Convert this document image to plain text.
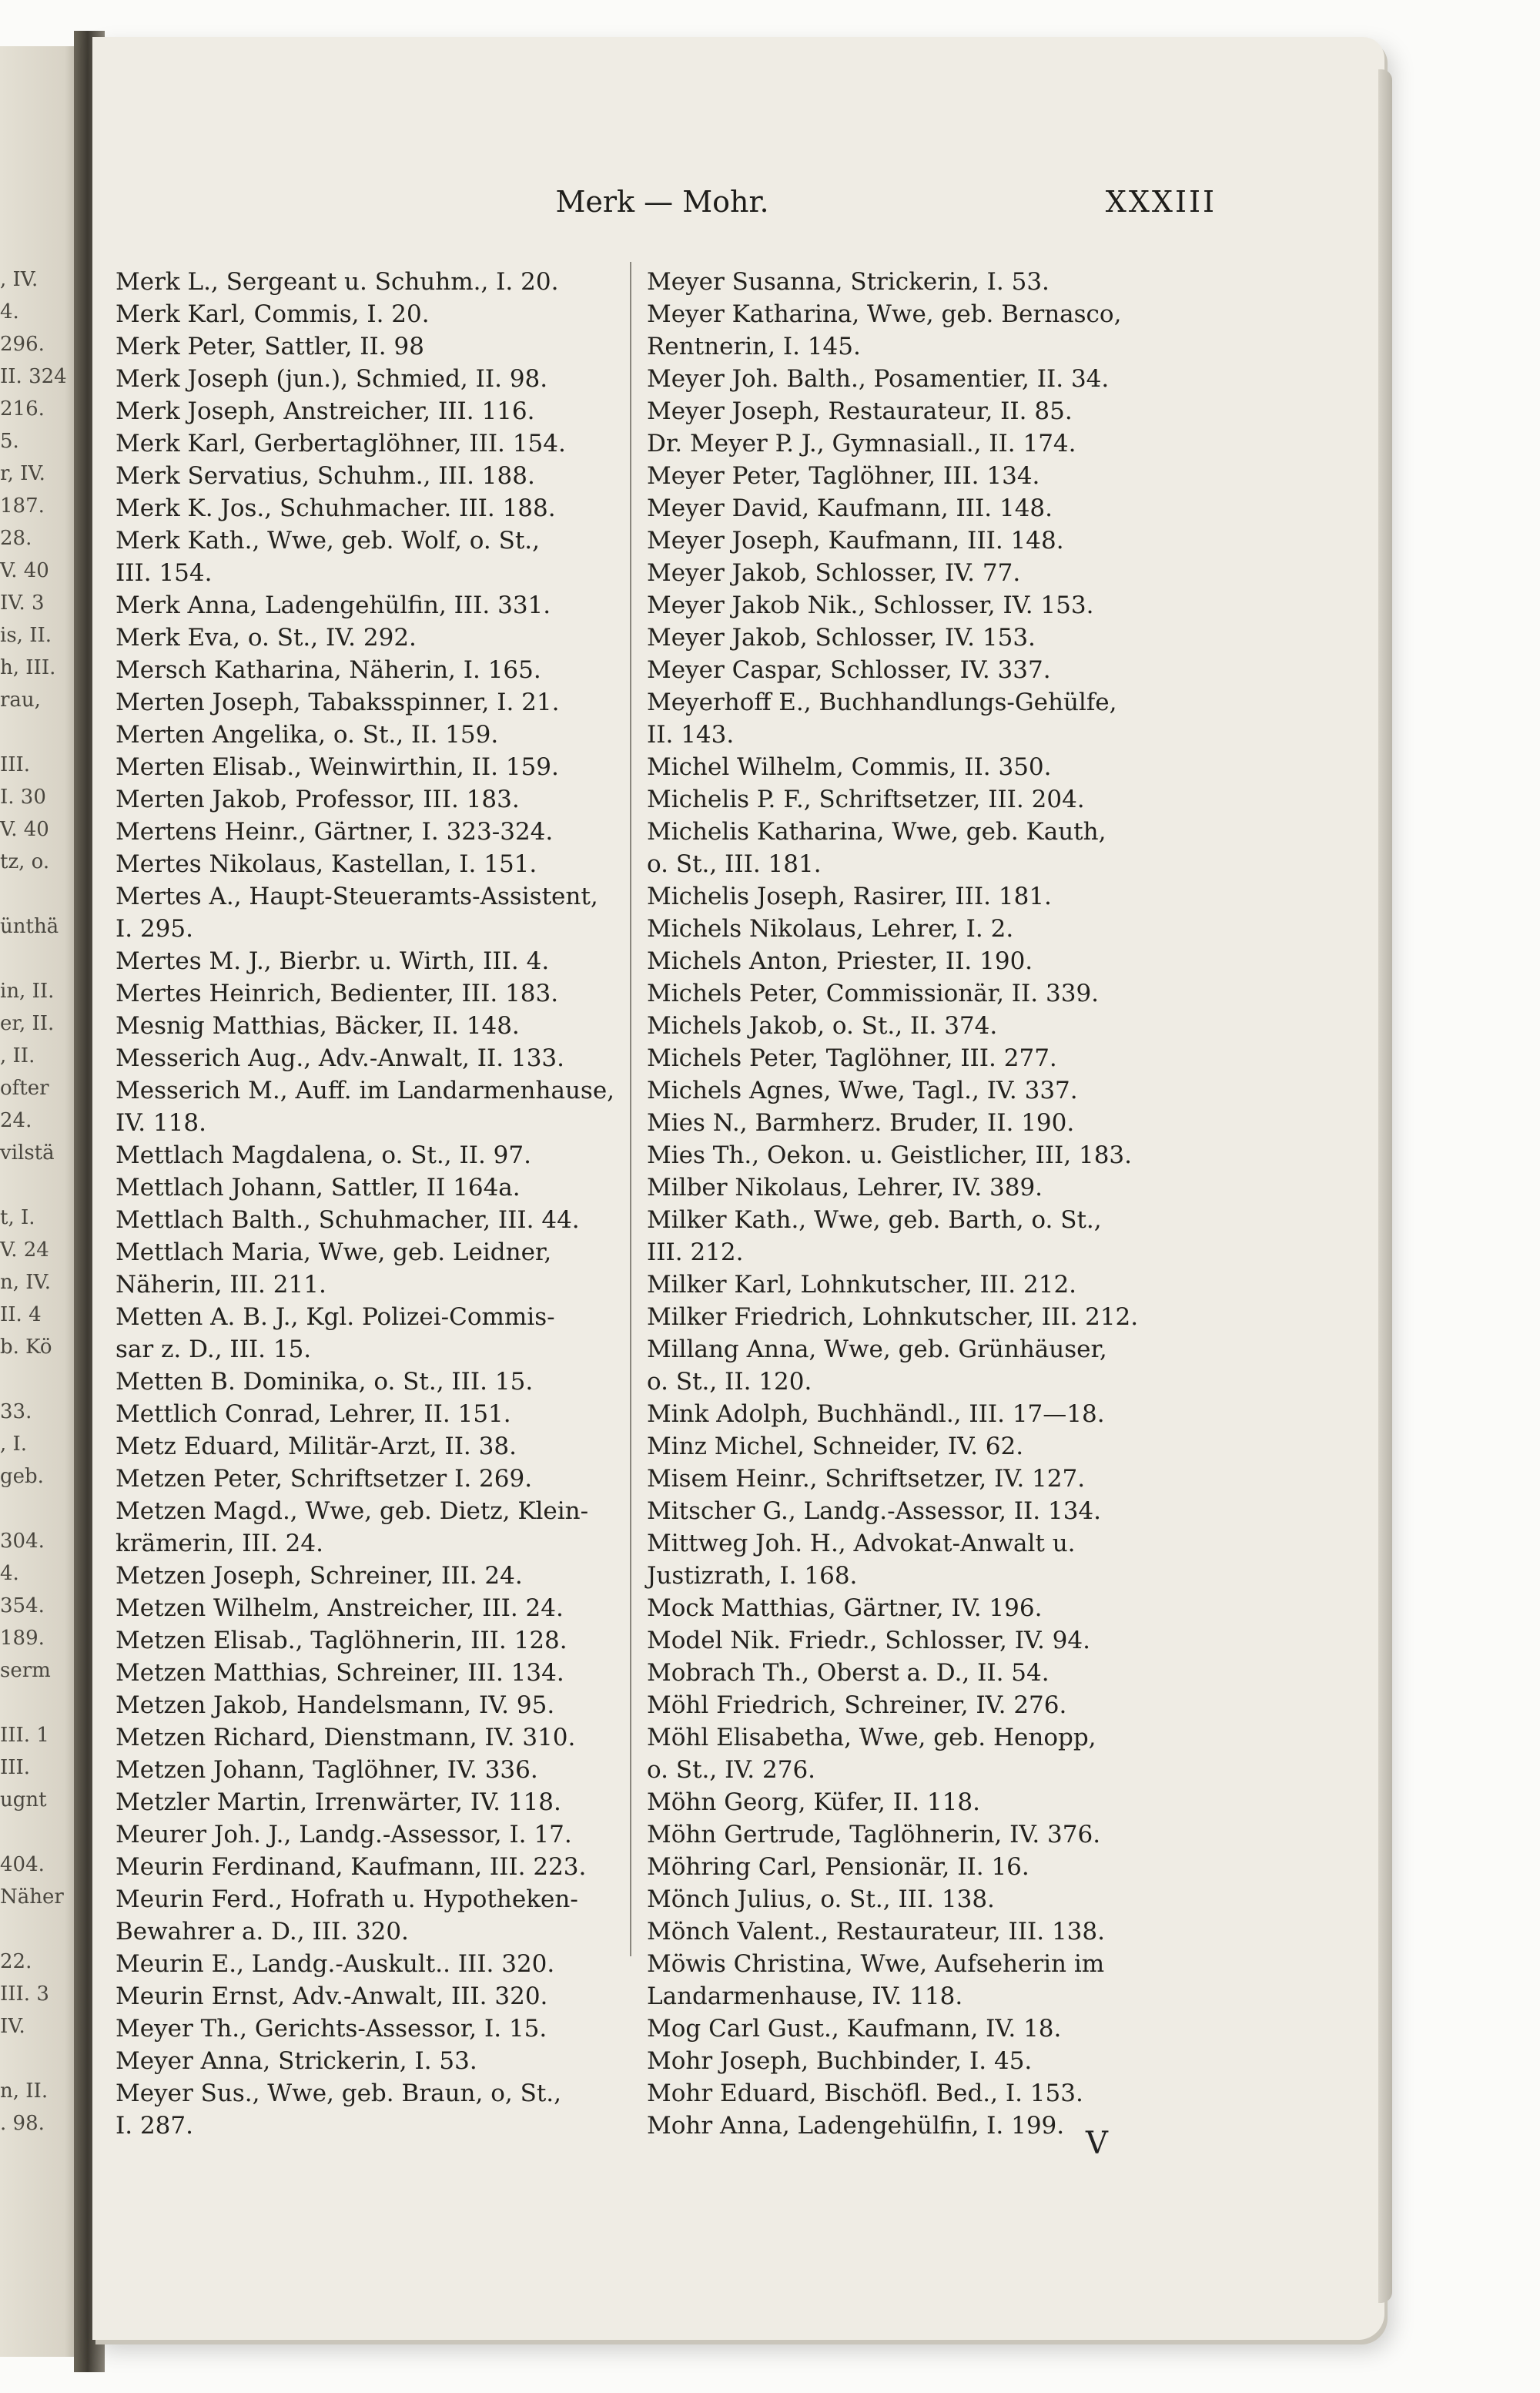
Merk — Mohr.	XXXIII
, IV.
4.
296.
II. 324
216.
5.
r, IV.
187.
28.
V. 40
IV. 3
is, II.
h, III.
rau,
III.
I. 30
V. 40
tz, o.
ünthä
in, II.
er, II.
, II.
ofter
24.
vilstä
t, I.
V. 24
n, IV.
II. 4
b. Kö
33.
, I.
geb.
304.
4.
354.
189.
serm
III. 1
III.
ugnt
404.
Näher
22.
III. 3
IV.
n, II.
. 98.
Merk L., Sergeant u. Schuhm., I. 20.
Merk Karl, Commis, I. 20.
Merk Peter, Sattler, II. 98
Merk Joseph (jun.), Schmied, II. 98.
Merk Joseph, Anstreicher, III. 116.
Merk Karl, Gerbertaglöhner, III. 154.
Merk Servatius, Schuhm., III. 188.
Merk K. Jos., Schuhmacher. III. 188.
Merk Kath., Wwe, geb. Wolf, o. St.,
III. 154.
Merk Anna, Ladengehülfin, III. 331.
Merk Eva, o. St., IV. 292.
Mersch Katharina, Näherin, I. 165.
Merten Joseph, Tabaksspinner, I. 21.
Merten Angelika, o. St., II. 159.
Merten Elisab., Weinwirthin, II. 159.
Merten Jakob, Professor, III. 183.
Mertens Heinr., Gärtner, I. 323-324.
Mertes Nikolaus, Kastellan, I. 151.
Mertes A., Haupt-Steueramts-Assistent,
I. 295.
Mertes M. J., Bierbr. u. Wirth, III. 4.
Mertes Heinrich, Bedienter, III. 183.
Mesnig Matthias, Bäcker, II. 148.
Messerich Aug., Adv.-Anwalt, II. 133.
Messerich M., Auff. im Landarmenhause,
IV. 118.
Mettlach Magdalena, o. St., II. 97.
Mettlach Johann, Sattler, II 164a.
Mettlach Balth., Schuhmacher, III. 44.
Mettlach Maria, Wwe, geb. Leidner,
Näherin, III. 211.
Metten A. B. J., Kgl. Polizei-Commis-
sar z. D., III. 15.
Metten B. Dominika, o. St., III. 15.
Mettlich Conrad, Lehrer, II. 151.
Metz Eduard, Militär-Arzt, II. 38.
Metzen Peter, Schriftsetzer I. 269.
Metzen Magd., Wwe, geb. Dietz, Klein-
krämerin, III. 24.
Metzen Joseph, Schreiner, III. 24.
Metzen Wilhelm, Anstreicher, III. 24.
Metzen Elisab., Taglöhnerin, III. 128.
Metzen Matthias, Schreiner, III. 134.
Metzen Jakob, Handelsmann, IV. 95.
Metzen Richard, Dienstmann, IV. 310.
Metzen Johann, Taglöhner, IV. 336.
Metzler Martin, Irrenwärter, IV. 118.
Meurer Joh. J., Landg.-Assessor, I. 17.
Meurin Ferdinand, Kaufmann, III. 223.
Meurin Ferd., Hofrath u. Hypotheken-
Bewahrer a. D., III. 320.
Meurin E., Landg.-Auskult.. III. 320.
Meurin Ernst, Adv.-Anwalt, III. 320.
Meyer Th., Gerichts-Assessor, I. 15.
Meyer Anna, Strickerin, I. 53.
Meyer Sus., Wwe, geb. Braun, o, St.,
I. 287.
Meyer Susanna, Strickerin, I. 53.
Meyer Katharina, Wwe, geb. Bernasco,
Rentnerin, I. 145.
Meyer Joh. Balth., Posamentier, II. 34.
Meyer Joseph, Restaurateur, II. 85.
Dr. Meyer P. J., Gymnasiall., II. 174.
Meyer Peter, Taglöhner, III. 134.
Meyer David, Kaufmann, III. 148.
Meyer Joseph, Kaufmann, III. 148.
Meyer Jakob, Schlosser, IV. 77.
Meyer Jakob Nik., Schlosser, IV. 153.
Meyer Jakob, Schlosser, IV. 153.
Meyer Caspar, Schlosser, IV. 337.
Meyerhoff E., Buchhandlungs-Gehülfe,
II. 143.
Michel Wilhelm, Commis, II. 350.
Michelis P. F., Schriftsetzer, III. 204.
Michelis Katharina, Wwe, geb. Kauth,
o. St., III. 181.
Michelis Joseph, Rasirer, III. 181.
Michels Nikolaus, Lehrer, I. 2.
Michels Anton, Priester, II. 190.
Michels Peter, Commissionär, II. 339.
Michels Jakob, o. St., II. 374.
Michels Peter, Taglöhner, III. 277.
Michels Agnes, Wwe, Tagl., IV. 337.
Mies N., Barmherz. Bruder, II. 190.
Mies Th., Oekon. u. Geistlicher, III, 183.
Milber Nikolaus, Lehrer, IV. 389.
Milker Kath., Wwe, geb. Barth, o. St.,
III. 212.
Milker Karl, Lohnkutscher, III. 212.
Milker Friedrich, Lohnkutscher, III. 212.
Millang Anna, Wwe, geb. Grünhäuser,
o. St., II. 120.
Mink Adolph, Buchhändl., III. 17—18.
Minz Michel, Schneider, IV. 62.
Misem Heinr., Schriftsetzer, IV. 127.
Mitscher G., Landg.-Assessor, II. 134.
Mittweg Joh. H., Advokat-Anwalt u.
Justizrath, I. 168.
Mock Matthias, Gärtner, IV. 196.
Model Nik. Friedr., Schlosser, IV. 94.
Mobrach Th., Oberst a. D., II. 54.
Möhl Friedrich, Schreiner, IV. 276.
Möhl Elisabetha, Wwe, geb. Henopp,
o. St., IV. 276.
Möhn Georg, Küfer, II. 118.
Möhn Gertrude, Taglöhnerin, IV. 376.
Möhring Carl, Pensionär, II. 16.
Mönch Julius, o. St., III. 138.
Mönch Valent., Restaurateur, III. 138.
Möwis Christina, Wwe, Aufseherin im
Landarmenhause, IV. 118.
Mog Carl Gust., Kaufmann, IV. 18.
Mohr Joseph, Buchbinder, I. 45.
Mohr Eduard, Bischöfl. Bed., I. 153.
Mohr Anna, Ladengehülfin, I. 199. V
